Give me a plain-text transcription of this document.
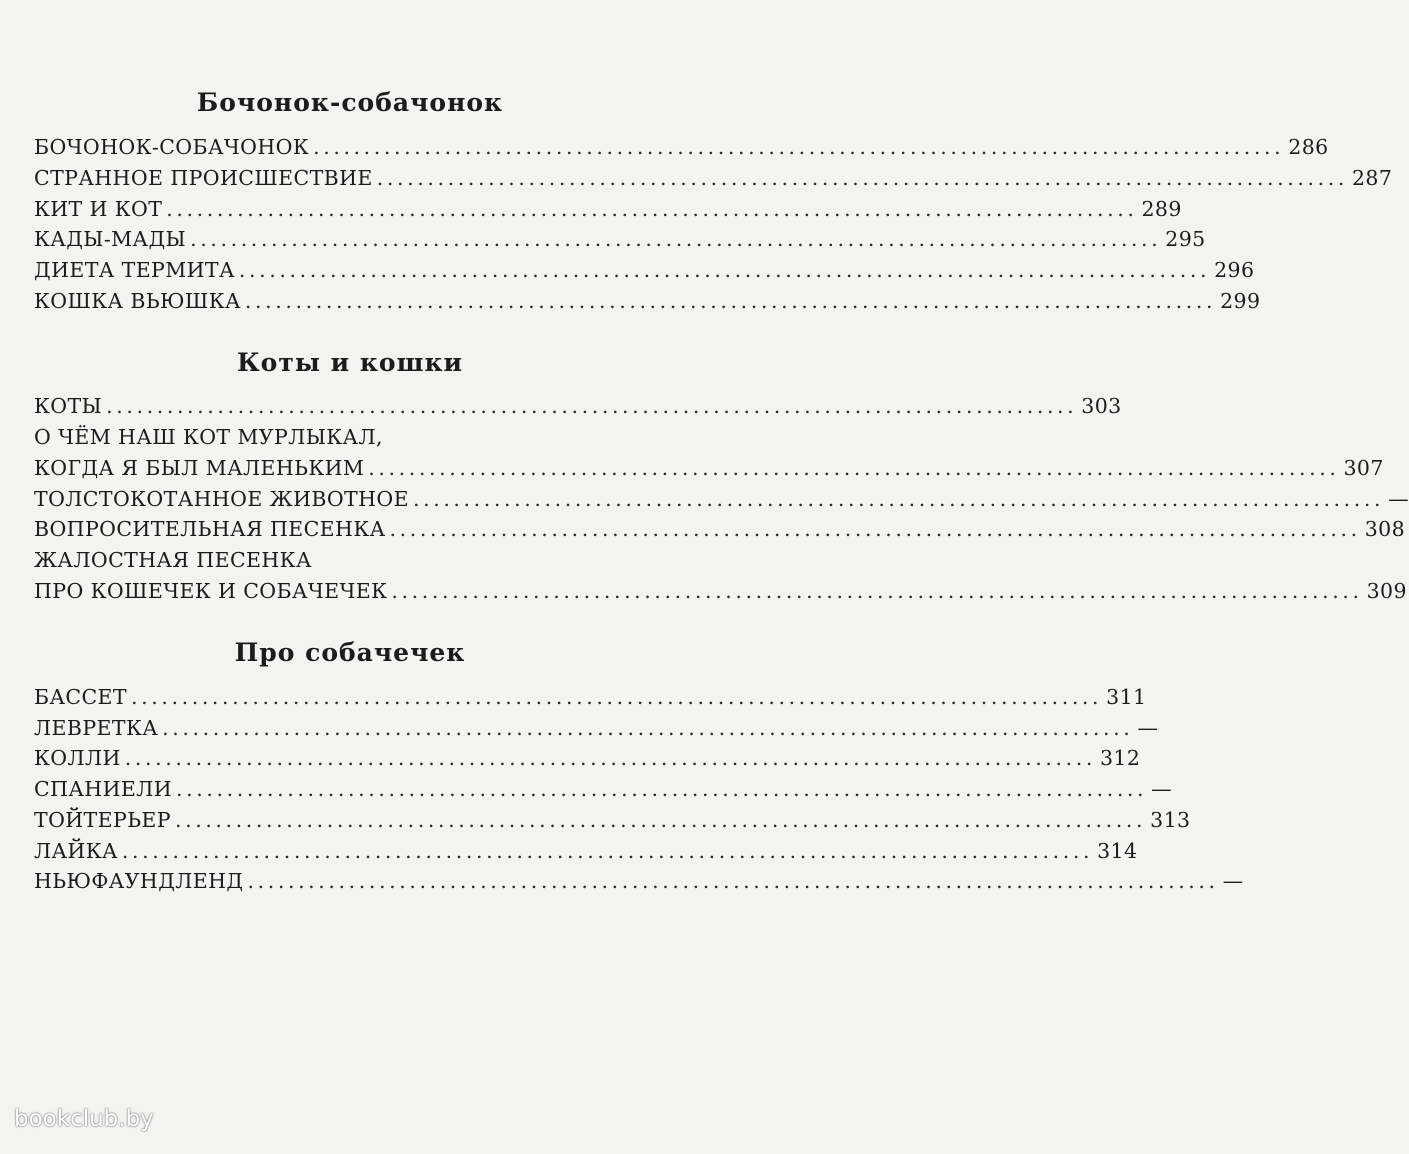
Бочонок-собачонок
БОЧОНОК-СОБАЧОНОК ................................................................................................ 286
СТРАННОЕ ПРОИСШЕСТВИЕ ................................................................................................ 287
КИТ И КОТ ................................................................................................ 289
КАДЫ-МАДЫ ................................................................................................ 295
ДИЕТА ТЕРМИТА ................................................................................................ 296
КОШКА ВЬЮШКА ................................................................................................ 299
Коты и кошки
КОТЫ ................................................................................................ 303
О ЧЁМ НАШ КОТ МУРЛЫКАЛ,
КОГДА Я БЫЛ МАЛЕНЬКИМ ................................................................................................ 307
ТОЛСТОКОТАННОЕ ЖИВОТНОЕ ................................................................................................ —
ВОПРОСИТЕЛЬНАЯ ПЕСЕНКА ................................................................................................ 308
ЖАЛОСТНАЯ ПЕСЕНКА
ПРО КОШЕЧЕК И СОБАЧЕЧЕК ................................................................................................ 309
Про собачечек
БАССЕТ ................................................................................................ 311
ЛЕВРЕТКА ................................................................................................ —
КОЛЛИ ................................................................................................ 312
СПАНИЕЛИ ................................................................................................ —
ТОЙТЕРЬЕР ................................................................................................ 313
ЛАЙКА ................................................................................................ 314
НЬЮФАУНДЛЕНД ................................................................................................ —
bookclub.by
